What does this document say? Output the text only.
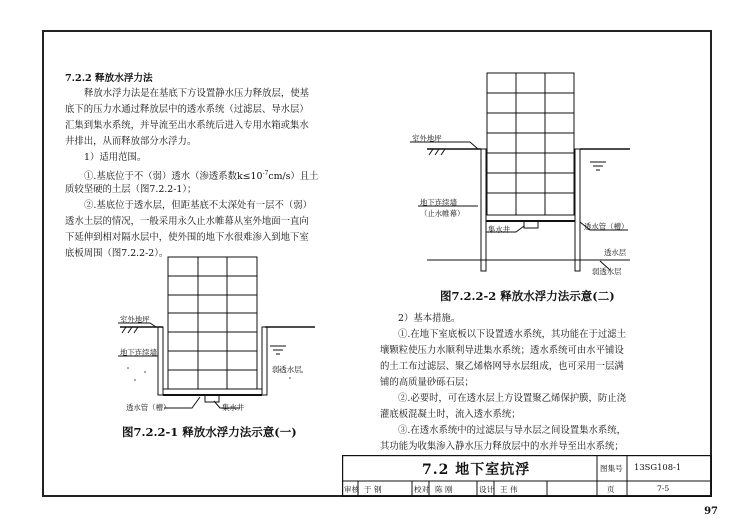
7.2.2 释放水浮力法
释放水浮力法是在基底下方设置静水压力释放层，使基
底下的压力水通过释放层中的透水系统（过滤层、导水层）
汇集到集水系统，并导流至出水系统后进入专用水箱或集水
井排出，从而释放部分水浮力。
1）适用范围。
①.基底位于不（弱）透水（渗透系数$k\le 10^{-7}cm/s$）且土
质较坚硬的土层（图7.2.2-1）；
②.基底位于透水层，但距基底不太深处有一层不（弱）
透水土层的情况，一般采用永久止水帷幕从室外地面一直向
下延伸到相对隔水层中，使外围的地下水很难渗入到地下室
底板周围（图7.2.2-2）。
室外地坪
地下连续墙
弱透水层
透水管（槽）	集水井
图7.2.2-1 释放水浮力法示意(一)
室外地坪
地下连续墙
（止水帷幕）
集水井	透水管（槽）
透水层
弱透水层
图7.2.2-2 释放水浮力法示意(二)
2）基本措施。
①.在地下室底板以下设置透水系统，其功能在于过滤土
壤颗粒使压力水顺利导进集水系统；透水系统可由水平铺设
的土工布过滤层、聚乙烯格网导水层组成，也可采用一层满
铺的高质量砂砾石层；
②.必要时，可在透水层上方设置聚乙烯保护膜，防止浇
灌底板混凝土时，流入透水系统；
③.在透水系统中的过滤层与导水层之间设置集水系统，
其功能为收集渗入静水压力释放层中的水并导至出水系统；
7.2 地下室抗浮	图集号 13SG108-1
审核 于 钢	校对 陈 刚	设计 王 伟	页	7-5
97
